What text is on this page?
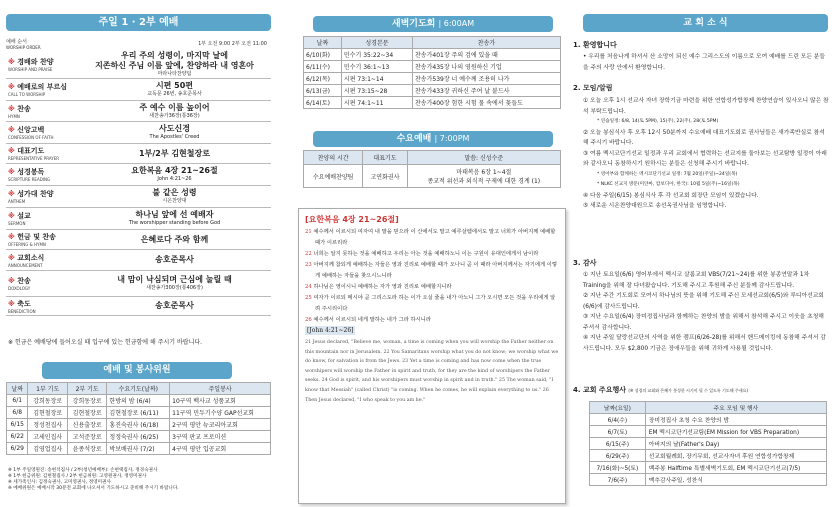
주일 1 · 2부 예배
예배 순서
WORSHIP ORDER
1부 오전 9:00 2부 오전 11:00
※ 경배와 찬양
WORSHIP AND PRAISE
우리 주의 성령이, 마지막 날에
지존하신 주님 이름 앞에, 찬양하라 내 영혼아
마라나타찬양팀
※ 예배로의 부르심
CALL TO WORSHIP
시편 50편
교독문 26번, 송호준목사
※ 찬송
HYMN
주 예수 이름 높이어
새찬송가36장(통36장)
※ 신앙고백
CONFESSION OF FAITH
사도신경
The Apostles' Creed
※ 대표기도
REPRESENTATIVE PRAYER
1부/2부 김현철장로
※ 성경봉독
SCRIPTURE READING
요한복음 4장 21~26절
John 4:21~26
※ 성가대 찬양
ANTHEM
불 같은 성령
시온찬양대
※ 설교
SERMON
하나님 앞에 선 예배자
The worshipper standing before God
※ 헌금 및 찬송
OFFERING & HYMN
은혜로다 주와 함께
※ 교회소식
ANNOUNCEMENT
송호준목사
※ 찬송
DOXOLOGY
내 맘이 낙심되며 근심에 눌릴 때
새찬송가300장(통406장)
※ 축도
BENEDICTION
송호준목사
※ 헌금은 예배당에 들어오실 때 입구에 있는 헌금함에 해 주시기 바랍니다.
예배 및 봉사위원
날짜	1부 기도	2부 기도	수요기도(날짜)	주일봉사
6/1	강희동장로	강희동장로	한방의 밤 (6/4)	10구역 백사교 성품교회
6/8	김현철장로	김현철장로	김현철장로 (6/11)	11구역 민두기수양 GAP선교회
6/15	정성천집사	신용출장로	홍진숙권사 (6/18)	2구역 평안 뉴코리아교회
6/22	고세인집사	고석준장로	정정숙권사 (6/25)	3구역 판교 프로미션
6/29	김영업집사	윤종석장로	박보배권사 (7/2)	4구역 평안 입공교회
※ 1부 주일영원진: 송현석집사 / 2부(청년예배부): 손현택집사, 정경숙권사
※ 1부 헌금위원: 김현철집사 / 2부 헌금위원: 고영원권사, 정영미권사
※ 세가족인사: 김정숙권사, 고미영권사, 정영미권사
※ 예배위원은 예배시작 30분전 교회에 나오셔서 기도하시고 준비해 주시기 바랍니다.
새벽기도회 | 6:00AM
날짜	성경본문	찬송가
6/10(화)	민수기 35:22~34	찬송가401장 주의 검에 있을 때
6/11(수)	민수기 36:1~13	찬송가435장 나의 영원하신 기업
6/12(목)	시편 73:1~14	찬송가539장 너 예수께 조용히 나가
6/13(금)	시편 73:15~28	찬송가433장 귀하신 주여 날 붙드사
6/14(토)	시편 74:1~11	찬송가400장 험한 시험 물 속에서 꽃들도
수요예배 | 7:00PM
찬양의 시간	대표기도	말씀: 신성수준

수요예배찬양팀	고연화권사	마태복음 6장 1~4절
종교적 위선과 외식적 구제에 대한 경계 (1)
[요한복음 4장 21~26절]
21 예수께서 이르시되 여자여 내 말을 믿으라 이 산에서도 말고 예루살렘에서도 말고 너희가 아버지께 예배할 때가 이르리라
22 너희는 알지 못하는 것을 예배하고 우리는 아는 것을 예배하노니 이는 구원이 유대인에게서 남이라
23 아버지께 참되게 예배하는 자들은 영과 진리로 예배할 때가 오나니 곧 이 때라 아버지께서는 자기에게 이렇게 예배하는 자들을 찾으시느니라
24 하나님은 영이시니 예배하는 자가 영과 진리로 예배할지니라
25 여자가 이르되 메시야 곧 그리스도라 하는 이가 오실 줄을 내가 아노니 그가 오시면 모든 것을 우리에게 알려 주시리이다
26 예수께서 이르시되 네게 말하는 내가 그라 하시니라
[John 4:21~26]
21 Jesus declared, "Believe me, woman, a time is coming when you will worship the Father neither on this mountain nor in Jerusalem. 22 You Samaritans worship what you do not know; we worship what we do know, for salvation is from the Jews. 23 Yet a time is coming and has now come when the true worshipers will worship the Father in spirit and truth, for they are the kind of worshipers the Father seeks. 24 God is spirit, and his worshipers must worship in spirit and in truth." 25 The woman said, "I know that Messiah" (called Christ) "is coming. When he comes, he will explain everything to us." 26 Then Jesus declared, "I who speak to you am he."
교 회 소 식
1. 환영합니다
• 우리를 처음나게 하셔서 산 소망이 되신 예수 그리스도의 이름으로 모여 예배를 드린 모든 분들을 주의 사랑 안에서 환영합니다.
2. 모임/알림
① 오늘 오후 1시 선교사 자녀 장학기금 마련을 위한 연합성가합창제 찬양연습이 있사오니 많은 참석 부탁드립니다.
* 연습일정: 6/8, 14(토 5PM), 15(주), 22(주), 28(토 5PM)
② 오늘 봉심식사 후 오후 12시 50분까지 수요예배 대표기도회로 권사님들은 새가족반실로 참석해 주시기 바랍니다.
③ 여름 멕시코단기선교 일정과 우리 교회에서 협력하는 선교지를 둘아보는 선교탐방 일정이 아래와 같사오니 동참하시기 원하시는 분들은 신청해 주시기 바랍니다.
* 영어부와 함께하는 멕시코단기선교 일정: 7월 20일(주일)~24일(목)
* NLKC 선교지 방문(미얀마, 캄보디아, 한국): 10월 5일(주)~16일(목)
④ 다음 주일(6/15) 봉심식사 후 각 선교회 회장단 모임이 있겠습니다.
⑤ 새로운 시온찬양대원으로 송선옥권사님을 임명합니다.
3. 감사
① 지난 토요일(6/6) 영어부에서 멕시코 살롬교회 VBS(7/21~24)를 위한 봉종연말과 1차 Training을 위해 잘 다녀왔습니다. 기도해 주시고 후원해 주신 분들께 감사드립니다.
② 지난 주간 기도회로 모여서 하나님의 뜻을 위해 기도해 주신 모세선교회(6/5)와 루디아선교회(6/6)에 감사드립니다.
③ 지난 수요일(6/4) 장미정집사님과 함께하는 찬양의 밤을 위해서 참석해 주시고 이웃을 초청해 주셔서 감사합니다.
④ 지난 주일 달랑선교단의 사역을 위한 캠프(6/26-28)를 위해서 핸드메이킹에 동참해 주셔서 감사드립니다. 모두 $2,800 기금은 장애우들을 위해 귀하게 사용될 것입니다.
4. 교회 주요행사 (※ 성경의 교회와 은혜가 풍성한 시기이 될 수 있도록 기도해 주세요)
날짜(요일)	주요 모임 및 행사
6/4(수)	장미정집사 초청 수요 찬양의 밤
6/7(토)	EM 멕시코단기선교팀(EM Mission for VBS Preparation)
6/15(주)	아버지의 날(Father's Day)
6/29(주)	선교회월례회, 장기무회, 선교사자녀 후원 연합성가합창제
7/16(화)~5(토)	백주봉 Halftime 특별새벽기도회, EM 멕시코단기선교(7/5)
7/6(주)	맥추감사주일, 성찬식
